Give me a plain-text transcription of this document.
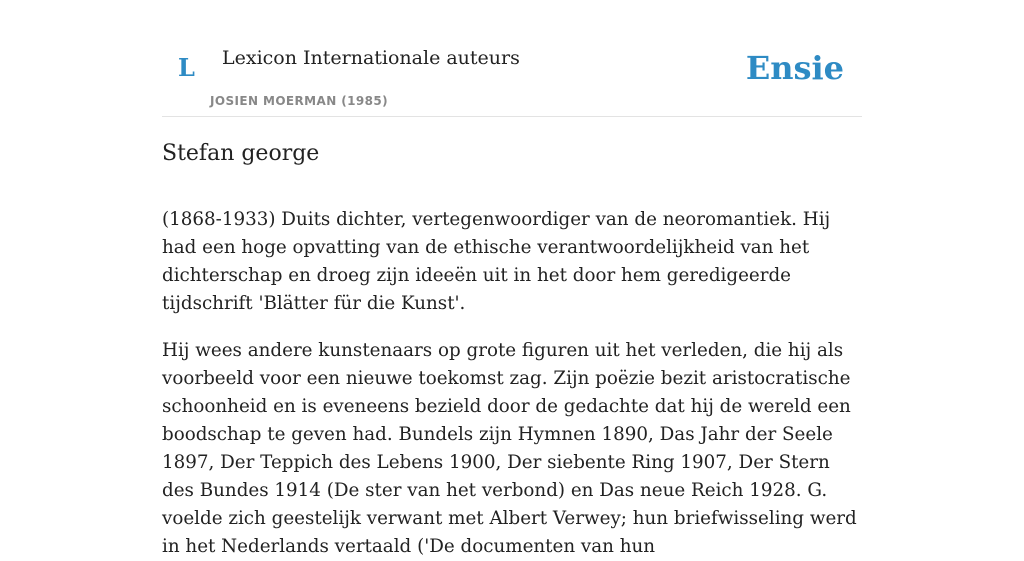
L Lexicon Internationale auteurs
JOSIEN MOERMAN (1985)
Ensie
Stefan george

(1868-1933) Duits dichter, vertegenwoordiger van de neoromantiek. Hij had een hoge opvatting van de ethische verantwoordelijkheid van het dichterschap en droeg zijn ideeën uit in het door hem geredigeerde tijdschrift 'Blätter für die Kunst'.

Hij wees andere kunstenaars op grote figuren uit het verleden, die hij als voorbeeld voor een nieuwe toekomst zag. Zijn poëzie bezit aristocratische schoonheid en is eveneens bezield door de gedachte dat hij de wereld een boodschap te geven had. Bundels zijn Hymnen 1890, Das Jahr der Seele 1897, Der Teppich des Lebens 1900, Der siebente Ring 1907, Der Stern des Bundes 1914 (De ster van het verbond) en Das neue Reich 1928. G. voelde zich geestelijk verwant met Albert Verwey; hun briefwisseling werd in het Nederlands vertaald ('De documenten van hun
